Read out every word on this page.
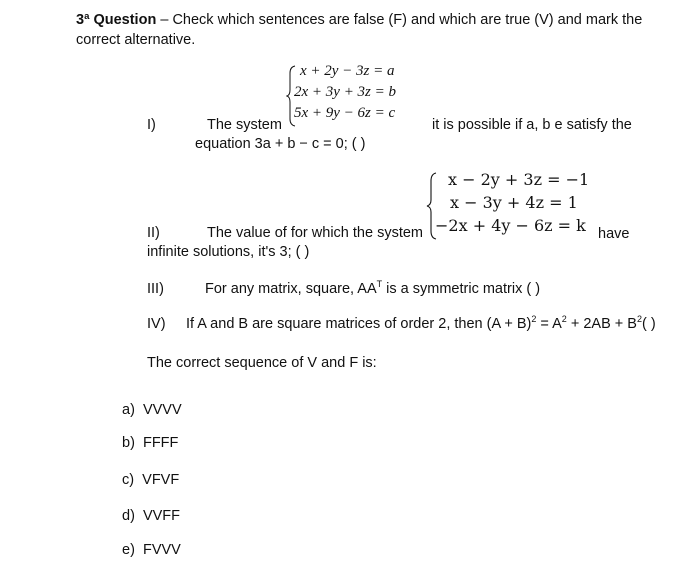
3ª Question – Check which sentences are false (F) and which are true (V) and mark the
correct alternative.
x + 2y − 3z = a
2x + 3y + 3z = b
5x + 9y − 6z = c
I)	The system	it is possible if a, b e satisfy the
equation 3a + b − c = 0; ( )
x − 2y + 3z = −1
x − 3y + 4z = 1
−2x + 4y − 6z = k
II)	The value of for which the system	have
infinite solutions, it's 3; ( )
III)	For any matrix, square, $AA^T$ is a symmetric matrix ( )
IV) If A and B are square matrices of order 2, then $(A + B)^2 = A^2 + 2AB + B^2$( )
The correct sequence of V and F is:
a) VVVV
b) FFFF
c) VFVF
d) VVFF
e) FVVV
